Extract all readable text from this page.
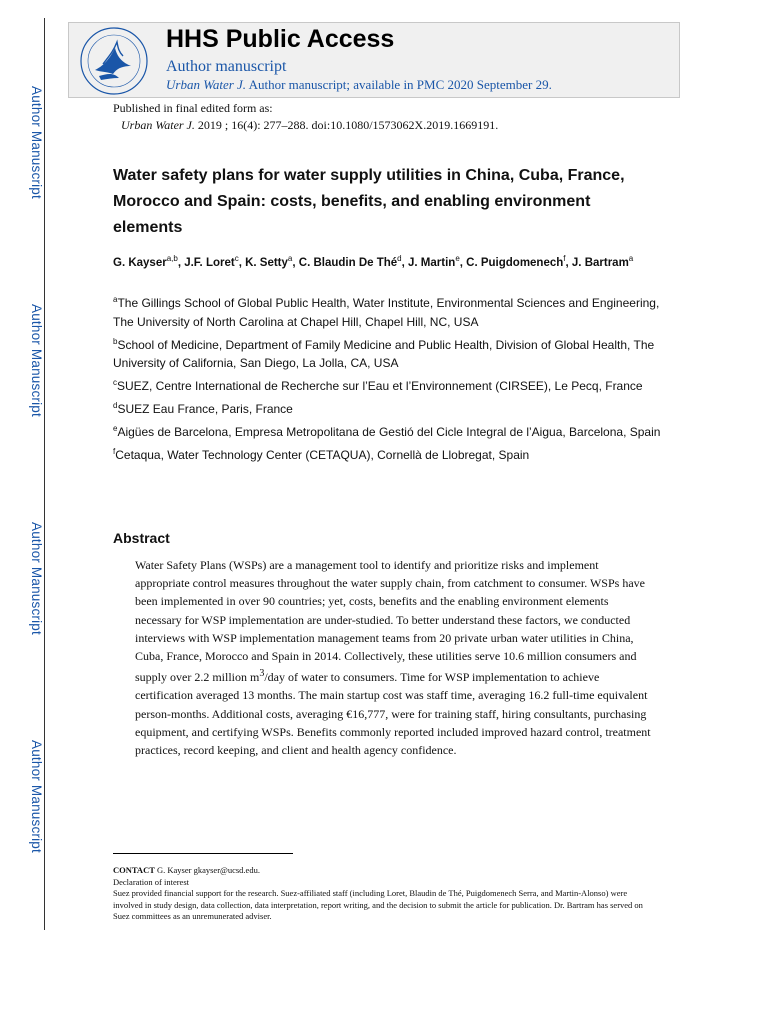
Author Manuscript
Author Manuscript
Author Manuscript
Author Manuscript
HHS Public Access
Author manuscript
Urban Water J. Author manuscript; available in PMC 2020 September 29.
Published in final edited form as:
Urban Water J. 2019 ; 16(4): 277–288. doi:10.1080/1573062X.2019.1669191.
Water safety plans for water supply utilities in China, Cuba, France, Morocco and Spain: costs, benefits, and enabling environment elements
G. Kayser$^{a,b}$, J.F. Loret$^c$, K. Setty$^a$, C. Blaudin De Thé$^d$, J. Martin$^e$, C. Puigdomenech$^f$, J. Bartram$^a$
$^a$The Gillings School of Global Public Health, Water Institute, Environmental Sciences and Engineering, The University of North Carolina at Chapel Hill, Chapel Hill, NC, USA
$^b$School of Medicine, Department of Family Medicine and Public Health, Division of Global Health, The University of California, San Diego, La Jolla, CA, USA
$^c$SUEZ, Centre International de Recherche sur l’Eau et l’Environnement (CIRSEE), Le Pecq, France
$^d$SUEZ Eau France, Paris, France
$^e$Aigües de Barcelona, Empresa Metropolitana de Gestió del Cicle Integral de l’Aigua, Barcelona, Spain
$^f$Cetaqua, Water Technology Center (CETAQUA), Cornellà de Llobregat, Spain
Abstract

Water Safety Plans (WSPs) are a management tool to identify and prioritize risks and implement appropriate control measures throughout the water supply chain, from catchment to consumer. WSPs have been implemented in over 90 countries; yet, costs, benefits and the enabling environment elements necessary for WSP implementation are under-studied. To better understand these factors, we conducted interviews with WSP implementation management teams from 20 private urban water utilities in China, Cuba, France, Morocco and Spain in 2014. Collectively, these utilities serve 10.6 million consumers and supply over 2.2 million $m^3$/day of water to consumers. Time for WSP implementation to achieve certification averaged 13 months. The main startup cost was staff time, averaging 16.2 full-time equivalent person-months. Additional costs, averaging €16,777, were for training staff, hiring consultants, purchasing equipment, and certifying WSPs. Benefits commonly reported included improved hazard control, treatment practices, record keeping, and client and health agency confidence.

CONTACT G. Kayser gkayser@ucsd.edu.

Declaration of interest

Suez provided financial support for the research. Suez-affiliated staff (including Loret, Blaudin de Thé, Puigdomenech Serra, and Martin-Alonso) were involved in study design, data collection, data interpretation, report writing, and the decision to submit the article for publication. Dr. Bartram has served on Suez committees as an unremunerated adviser.
